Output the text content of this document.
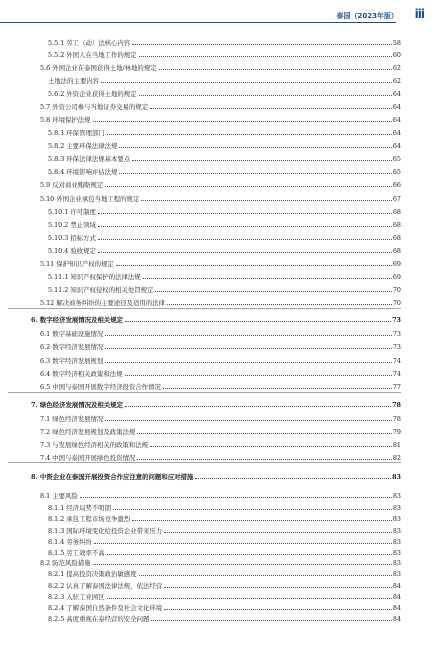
泰国（2023年版） iii
5.5.1 劳工（动）法核心内容	58
5.5.2 外国人在当地工作的规定	60
5.6 外国企业在泰国获得土地/林地的规定	62
土地法的主要内容	62
5.6.2 外资企业获得土地的规定	64
5.7 外资公司参与当地证券交易的规定	64
5.8 环境保护法规	64
5.8.1 环保管理部门	64
5.8.2 主要环保法律法规	64
5.8.3 环保法律法规基本要点	65
5.8.4 环境影响评估法规	65
5.9 反对商业贿赂规定	66
5.10 外国企业承包当地工程的规定	67
5.10.1 许可制度	68
5.10.2 禁止领域	68
5.10.3 招标方式	68
5.10.4 验收规定	68
5.11 保护知识产权的规定	69
5.11.1 知识产权保护的法律法规	69
5.11.2 知识产权侵权的相关处罚规定	70
5.12 解决商务纠纷的主要途径及适用的法律	70
6. 数字经济发展情况及相关规定	73
6.1 数字基础设施情况	73
6.2 数字经济发展情况	73
6.3 数字经济发展规划	74
6.4 数字经济相关政策和法规	74
6.5 中国与泰国开展数字经济投资合作情况	77
7. 绿色经济发展情况及相关规定	78
7.1 绿色经济发展情况	78
7.2 绿色经济发展规划及政策法规	79
7.3 与发展绿色经济相关的政策和法规	81
7.4 中国与泰国开展绿色投资情况	82
8. 中资企业在泰国开展投资合作应注意的问题和应对措施	83
8.1 主要风险	83
8.1.1 经济局势不明朗	83
8.1.2 承包工程市场竞争激烈	83
8.1.3 国际环境变化给投资企业带来压力	83
8.1.4 劳务纠纷	83
8.1.5 劳工效率不高	83
8.2 防范风险措施	83
8.2.1 提高投资决策政治敏感度	83
8.2.2 认真了解泰国法律法规，依法经营	84
8.2.3 入驻工业园区	84
8.2.4 了解泰国自然条件及社会文化环境	84
8.2.5 高度重视在泰经营的安全问题	84
